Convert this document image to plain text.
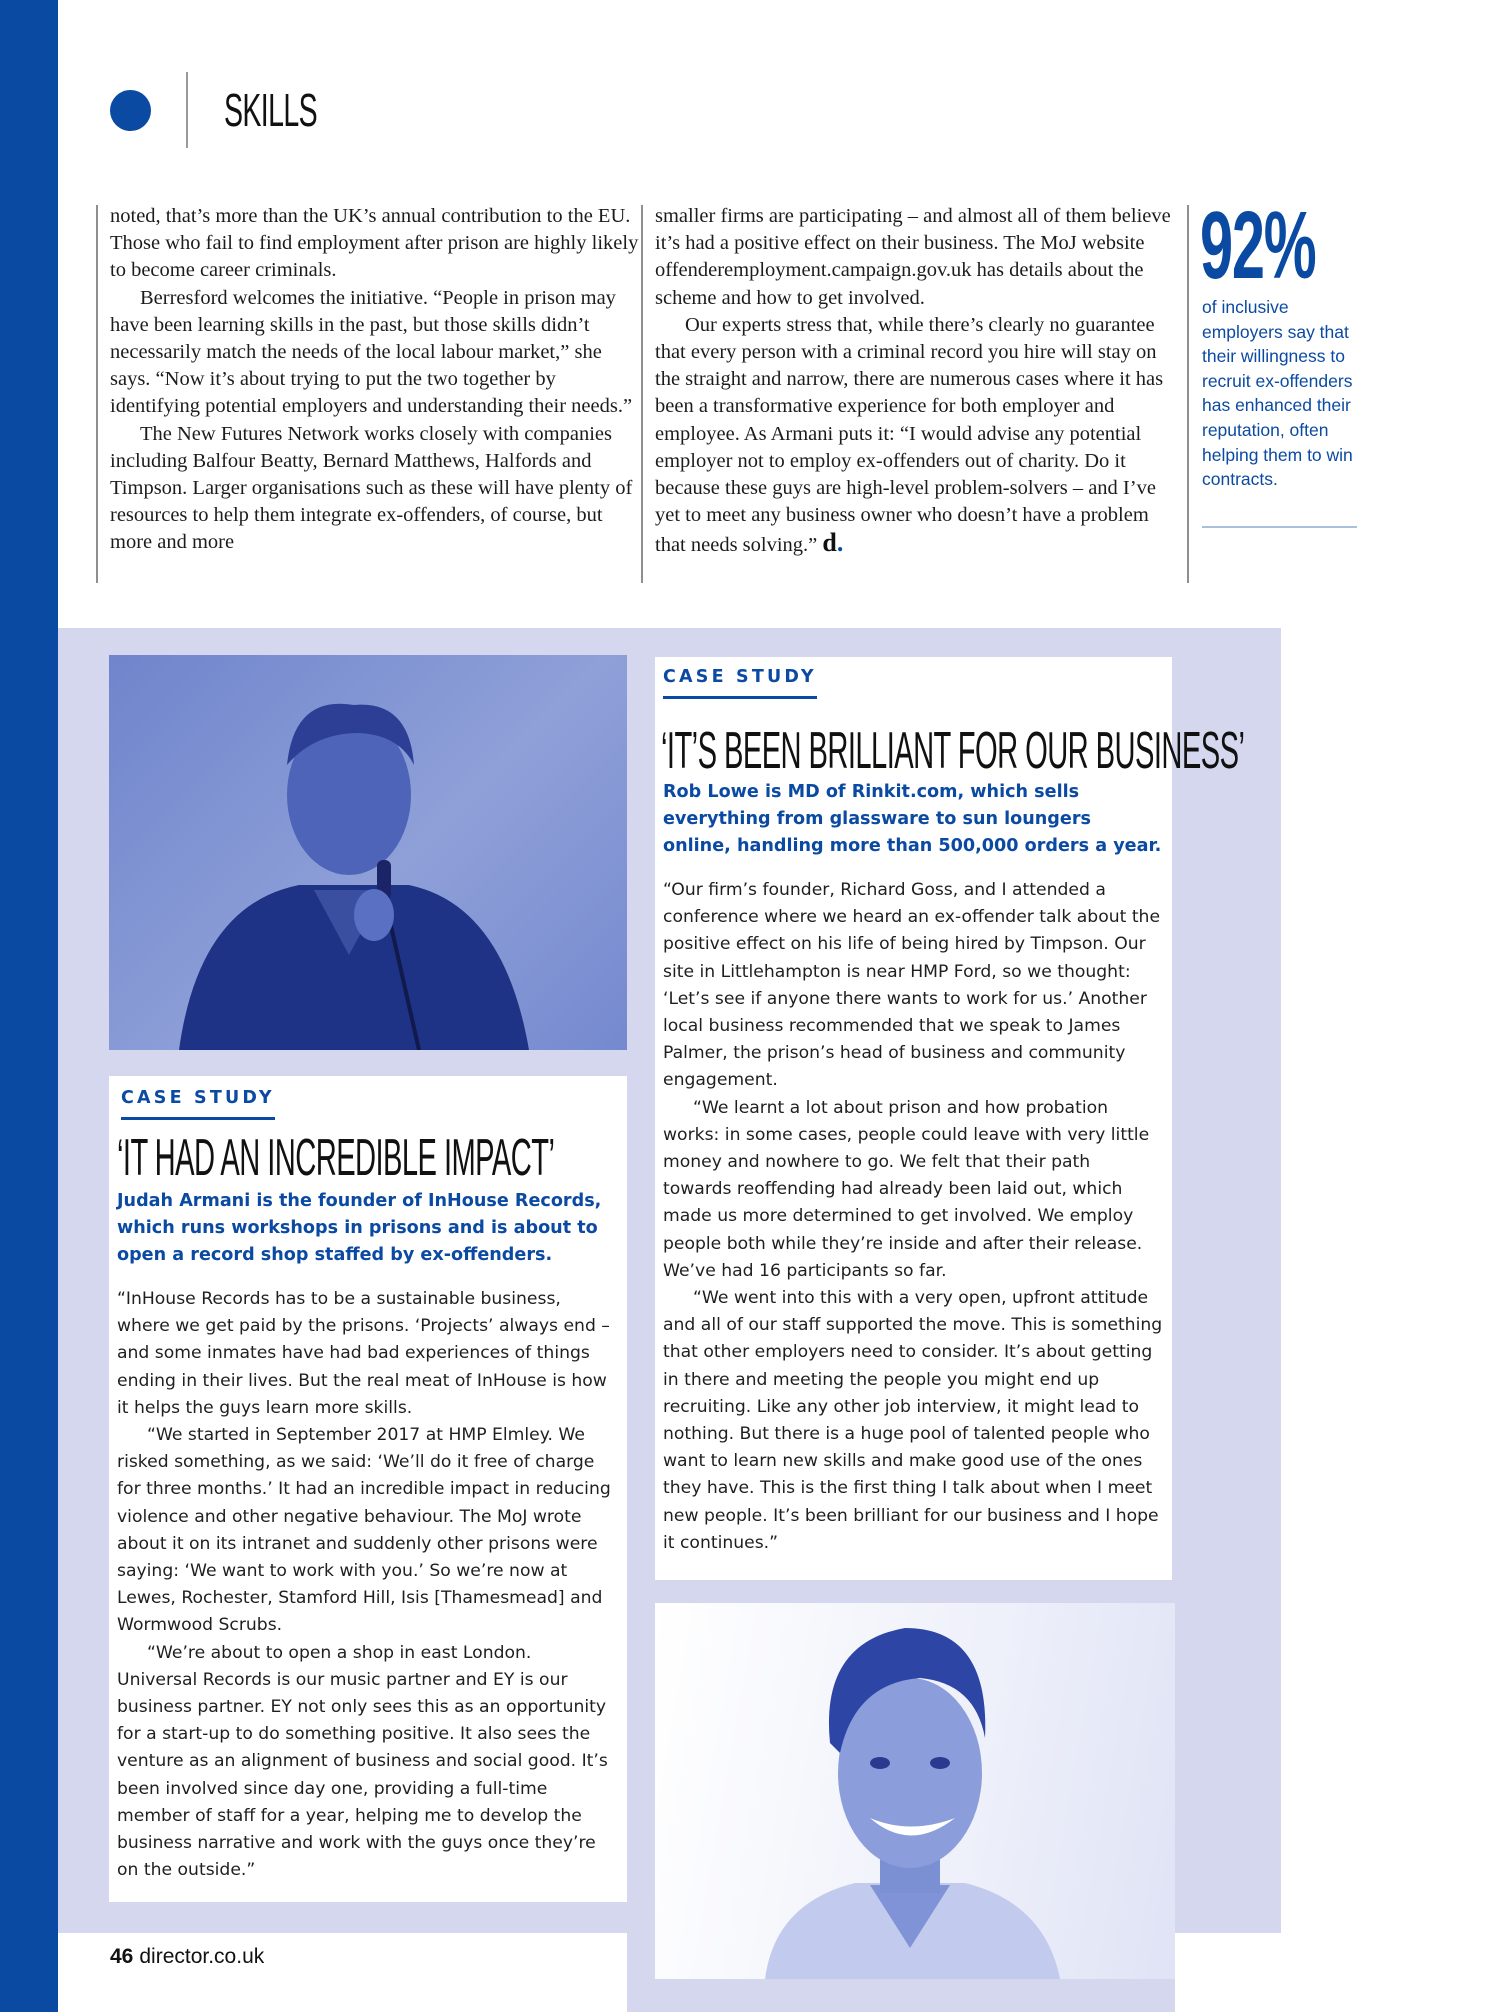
SKILLS

noted, that’s more than the UK’s annual contribution to the EU. Those who fail to find employment after prison are highly likely to become career criminals.

Berresford welcomes the initiative. “People in prison may have been learning skills in the past, but those skills didn’t necessarily match the needs of the local labour market,” she says. “Now it’s about trying to put the two together by identifying potential employers and understanding their needs.”

The New Futures Network works closely with companies including Balfour Beatty, Bernard Matthews, Halfords and Timpson. Larger organisations such as these will have plenty of resources to help them integrate ex-offenders, of course, but more and more

smaller firms are participating – and almost all of them believe it’s had a positive effect on their business. The MoJ website offenderemployment.campaign.gov.uk has details about the scheme and how to get involved.

Our experts stress that, while there’s clearly no guarantee that every person with a criminal record you hire will stay on the straight and narrow, there are numerous cases where it has been a transformative experience for both employer and employee. As Armani puts it: “I would advise any potential employer not to employ ex-offenders out of charity. Do it because these guys are high-level problem-solvers – and I’ve yet to meet any business owner who doesn’t have a problem that needs solving.” d.

92%
of inclusive employers say that their willingness to recruit ex-offenders has enhanced their reputation, often helping them to win contracts.
CASE STUDY
‘IT HAD AN INCREDIBLE IMPACT’
Judah Armani is the founder of InHouse Records, which runs workshops in prisons and is about to open a record shop staffed by ex-offenders.

“InHouse Records has to be a sustainable business, where we get paid by the prisons. ‘Projects’ always end – and some inmates have had bad experiences of things ending in their lives. But the real meat of InHouse is how it helps the guys learn more skills.

“We started in September 2017 at HMP Elmley. We risked something, as we said: ‘We’ll do it free of charge for three months.’ It had an incredible impact in reducing violence and other negative behaviour. The MoJ wrote about it on its intranet and suddenly other prisons were saying: ‘We want to work with you.’ So we’re now at Lewes, Rochester, Stamford Hill, Isis [Thamesmead] and Wormwood Scrubs.

“We’re about to open a shop in east London. Universal Records is our music partner and EY is our business partner. EY not only sees this as an opportunity for a start-up to do something positive. It also sees the venture as an alignment of business and social good. It’s been involved since day one, providing a full-time member of staff for a year, helping me to develop the business narrative and work with the guys once they’re on the outside.”

CASE STUDY
‘IT’S BEEN BRILLIANT FOR OUR BUSINESS’
Rob Lowe is MD of Rinkit.com, which sells everything from glassware to sun loungers online, handling more than 500,000 orders a year.

“Our firm’s founder, Richard Goss, and I attended a conference where we heard an ex-offender talk about the positive effect on his life of being hired by Timpson. Our site in Littlehampton is near HMP Ford, so we thought: ‘Let’s see if anyone there wants to work for us.’ Another local business recommended that we speak to James Palmer, the prison’s head of business and community engagement.

“We learnt a lot about prison and how probation works: in some cases, people could leave with very little money and nowhere to go. We felt that their path towards reoffending had already been laid out, which made us more determined to get involved. We employ people both while they’re inside and after their release. We’ve had 16 participants so far.

“We went into this with a very open, upfront attitude and all of our staff supported the move. This is something that other employers need to consider. It’s about getting in there and meeting the people you might end up recruiting. Like any other job interview, it might lead to nothing. But there is a huge pool of talented people who want to learn new skills and make good use of the ones they have. This is the first thing I talk about when I meet new people. It’s been brilliant for our business and I hope it continues.”

46 director.co.uk
